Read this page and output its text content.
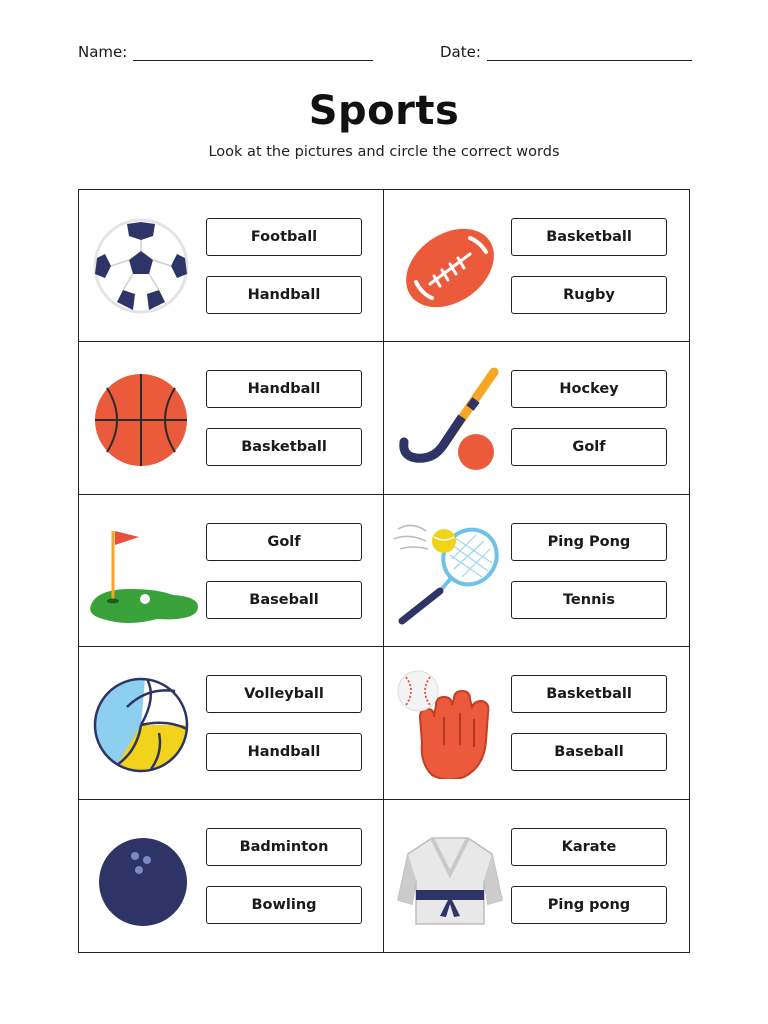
Name:	Date:
Sports
Look at the pictures and circle the correct words
Football
Handball
Basketball
Rugby
Handball
Basketball
Hockey
Golf
Golf
Baseball
Ping Pong
Tennis
Volleyball
Handball
Basketball
Baseball
Badminton
Bowling
Karate
Ping pong
